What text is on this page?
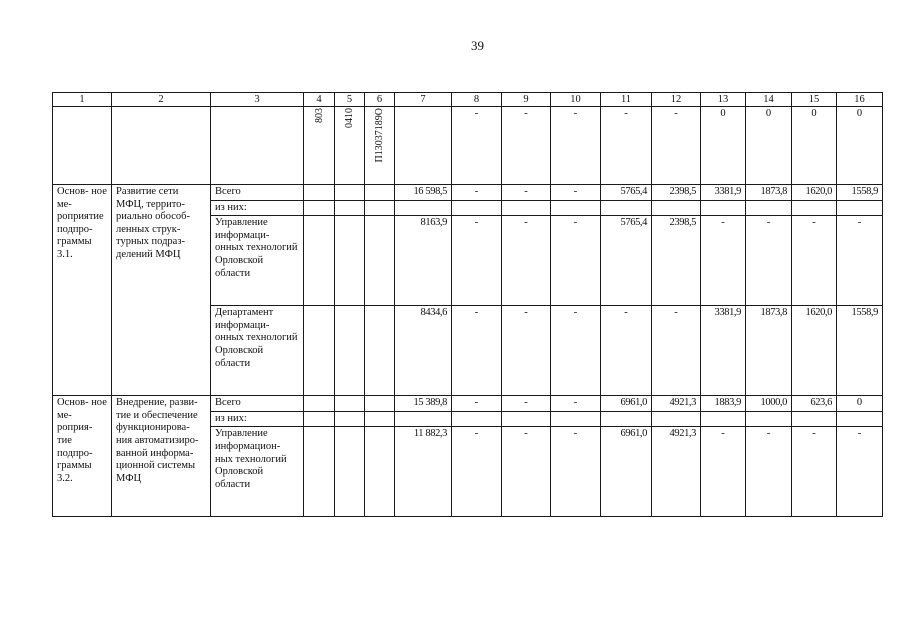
39
1	2	3	4	5	6	7	8	9	10	11	12	13	14	15	16
			803	0410	П13037189О		-	-	-	-	-	0	0	0	0
Основ- ное ме- роприятие подпро- граммы 3.1.	Развитие сети МФЦ, террито- риально обособ- ленных струк- турных подраз- делений МФЦ	Всего				16 598,5	-	-	-	5765,4	2398,5	3381,9	1873,8	1620,0	1558,9
		из них:													
		Управление информаци- онных технологий Орловской области				8163,9	-	-	-	5765,4	2398,5	-	-	-	-
		Департамент информаци- онных технологий Орловской области				8434,6	-	-	-	-	-	3381,9	1873,8	1620,0	1558,9
Основ- ное ме- роприя- тие подпро- граммы 3.2.	Внедрение, разви- тие и обеспечение функционирова- ния автоматизиро- ванной информа- ционной системы МФЦ	Всего				15 389,8	-	-	-	6961,0	4921,3	1883,9	1000,0	623,6	0
		из них:													
		Управление информацион- ных технологий Орловской области				11 882,3	-	-	-	6961,0	4921,3	-	-	-	-
